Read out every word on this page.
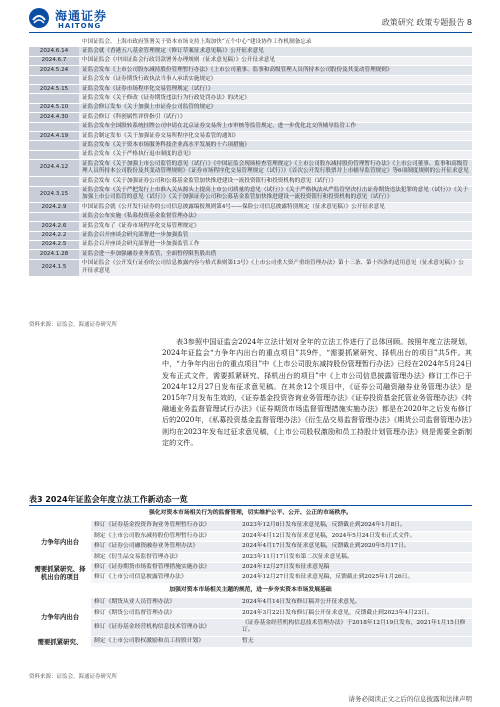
海通证券
HAITONG	政策研究 政策专题报告 8
	中国证监会、上海市政府签署关于资本市场支持上海加快“五个中心”建设协作工作机制备忘录
2024.6.14	证监会就《香港五八基金管理规定（修订草案征求意见稿）》公开征求意见
2024.6.7	中国证监会《中国证监会行政罚款署务办理规则（征求意见稿）》公开征求意见
2024.5.24	证监会发布《上市公司股东减持股份管理暂行办法》《上市公司董事、监事和高级管理人员所持本公司股份及其变动管理规则》
	证监会发布《证券期货行政执法当事人承诺实施规定》
2024.5.15	证监会发布《证券市场程序化交易管理规定（试行）》
	证监会发布《关于修改《证券期货违法行为行政处罚办法》的决定》
2024.5.10	证监会修订发布《关于加强上市证券公司监管的规定》
2024.4.30	证监会修订《科创属性评价指引（试行）》
	证监会发布全国股转系统挂牌公司申请在北京证券交易所上市审核等监管规定，进一步优化北交所辅导监管工作
2024.4.19	证监会制定发布《关于加强证券交易所程序化交易监管的通知》
	证监会发布《关于资本市场服务科技企业高水平发展的十六项措施》
	证监会发布《关于严格执行退市制度的意见》
2024.4.12	证监会发布《关于加强上市公司监管的意见（试行）》《中国证监会现场检查管理规定》《上市公司股东减持股份管理暂行办法》《上市公司董事、监事和高级管理人员所持本公司股份及其变动管理规则》《证券市场程序化交易管理规定（试行）》《首次公开发行股票并上市辅导监管规定》等6项制度规则的公开征求意见
	证监会发布《关于加强证券公司和公募基金监管加快推进建设一流投资银行和投资机构的意见（试行）》
2024.3.15	证监会发布《关于严把发行上市准入关从源头上提高上市公司质量的意见（试行）》《关于严格执法从严监管坚决打击证券期货违法犯罪的意见（试行）》《关于加强上市公司监管的意见（试行）》《关于加强证券公司和公募基金监管加快推进建设一流投资银行和投资机构的意见（试行）》
2024.2.9	中国证监会就《公开发行证券的公司信息披露编报规则第4号——保险公司信息披露特别规定（征求意见稿）》公开征求意见
	证监会公布实施《私募投资基金监督管理办法》
2024.2.6	证监会发布了《证券市场程序化交易管理规定》
2024.2.2	证监会召开座谈会研究部署进一步加强监管
2024.2.5	证监会召开座谈会研究部署进一步加强监管工作
2024.1.28	证监会进一步加强融券业务监管，全面暂停限售股出借
2024.1.5	中国证监会《公开发行证券的公司信息披露内容与格式准则第13号》《上市公司重大资产重组管理办法》第十三条、第十四条的适用意见（征求意见稿）》公开征求意见
资料来源：证监会，海通证券研究所
表3参照中国证监会2024年立法计划对全年的立法工作进行了总体回顾。按照年度立法规划，2024年证监会“力争年内出台的重点项目”共9件，“需要抓紧研究、择机出台的项目”共5件。其中，“力争年内出台的重点项目”中《上市公司股东减持股份管理暂行办法》已经在2024年5月24日发布正式文件，需要抓紧研究、择机出台的项目”中《上市公司信息披露管理办法》修订工作已于2024年12月27日发布征求意见稿。在其余12个项目中，《证券公司融资融券业务管理办法》是2015年7月发布生效的，《证券基金投资咨询业务管理办法》《证券投资基金托管业务管理办法》《转融通业务监督管理试行办法》《证券期货市场监督管理措施实施办法》都是在2020年之后发布修订后的2020年，《私募投资基金监督管理办法》《衍生品交易监督管理办法》《期货公司监督管理办法》则均在2023年发布过征求意见稿，《上市公司股权激励和员工持股计划管理办法》则是需要全新制定的文件。
表3 2024年证监会年度立法工作新动态一览
强化对资本市场相关行为的监督管理，切实维护公平、公开、公正的市场秩序。		
力争年内出台	修订《证券基金投资咨询业务管理暂行办法》	2023年12月8日发布征求意见稿，反馈截止到2024年1月8日。
	制定《上市公司股东减持股份管理暂行办法》	2024年4月12日发布征求意见稿，2024年5月24日发布正式文件。
	修订《证券公司融资融券业务管理办法》	2024年4月17日发布征求意见稿，反馈截止到2020年5月17日。
	制定《衍生品交易监督管理办法》	2023年11月17日发布第二次征求意见稿。
需要抓紧研究、择机出台的项目	修订《证券期货市场监督管理措施实施办法》	2024年12月27日发布征求意见稿
	修订《上市公司信息披露管理办法》	2024年12月27日发布征求意见稿，反馈截止到2025年1月26日。
加强对资本市场相关主题的规范，进一步夯实资本市场发展基础		
力争年内出台	修订《期货从业人员管理办法》	2024年4月14日发布修订稿并公开征求意见。
	修订《期货公司监督管理办法》	2024年3月22日发布修订稿公开征求意见，反馈截止到2023年4月23日。
	修订《证券基金经营机构信息技术管理办法》	《证券基金经营机构信息技术管理办法》于2018年12月19日发布，2021年1月15日修订。
需要抓紧研究、	制定《上市公司股权激励和员工持股计划》	暂无
资料来源：证监会，海通证券研究所
请务必阅读正文之后的信息披露和法律声明
